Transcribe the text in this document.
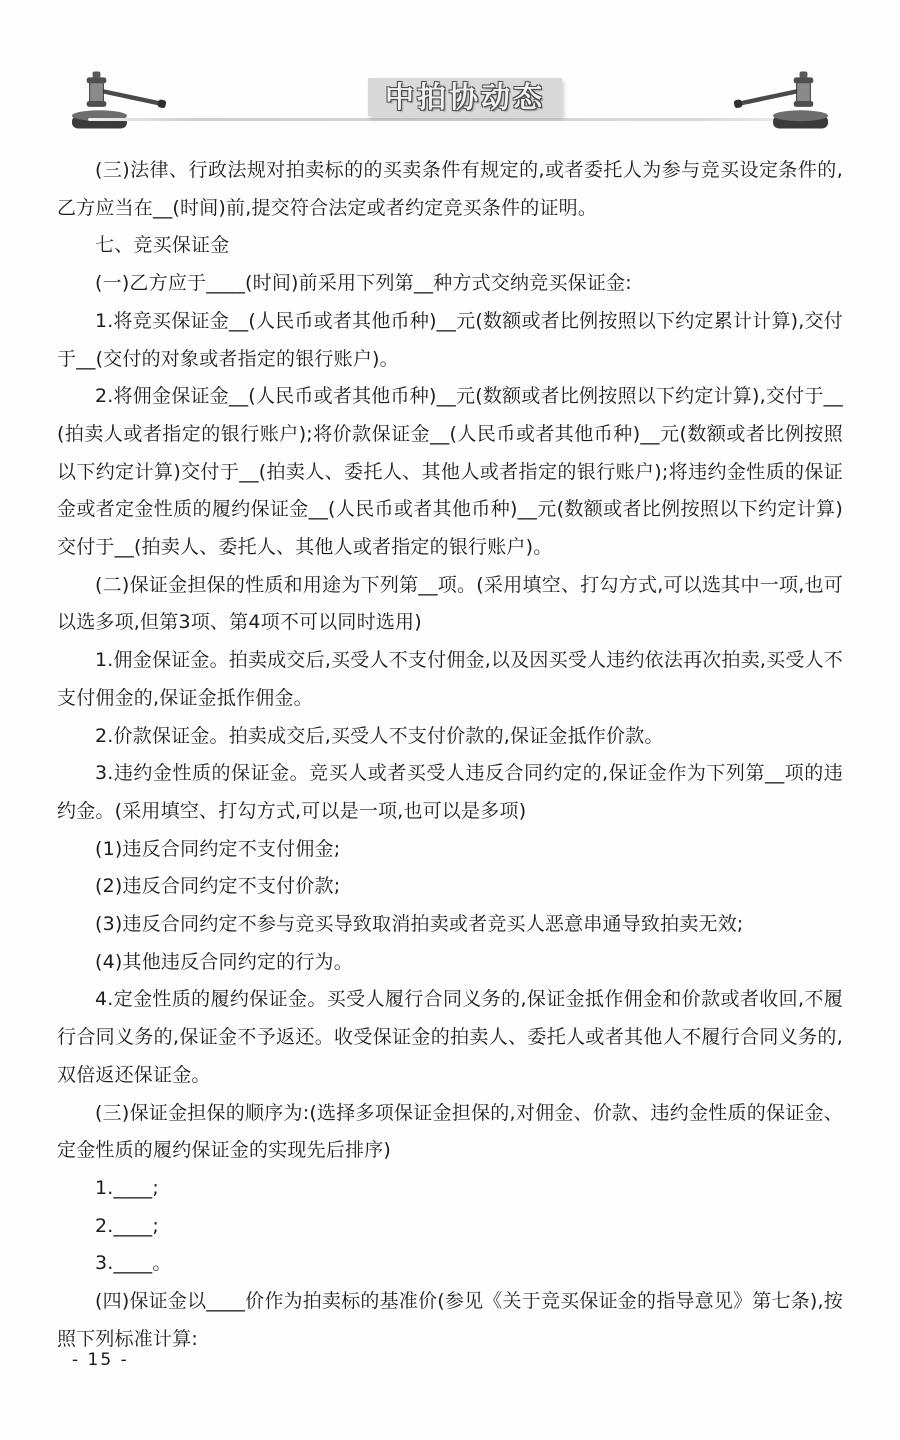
中拍协动态

(三)法律、行政法规对拍卖标的的买卖条件有规定的,或者委托人为参与竞买设定条件的,乙方应当在__(时间)前,提交符合法定或者约定竞买条件的证明。

七、竞买保证金

(一)乙方应于____(时间)前采用下列第__种方式交纳竞买保证金:

1.将竞买保证金__(人民币或者其他币种)__元(数额或者比例按照以下约定累计计算),交付于__(交付的对象或者指定的银行账户)。

2.将佣金保证金__(人民币或者其他币种)__元(数额或者比例按照以下约定计算),交付于__(拍卖人或者指定的银行账户);将价款保证金__(人民币或者其他币种)__元(数额或者比例按照以下约定计算)交付于__(拍卖人、委托人、其他人或者指定的银行账户);将违约金性质的保证金或者定金性质的履约保证金__(人民币或者其他币种)__元(数额或者比例按照以下约定计算)交付于__(拍卖人、委托人、其他人或者指定的银行账户)。

(二)保证金担保的性质和用途为下列第__项。(采用填空、打勾方式,可以选其中一项,也可以选多项,但第3项、第4项不可以同时选用)

1.佣金保证金。拍卖成交后,买受人不支付佣金,以及因买受人违约依法再次拍卖,买受人不支付佣金的,保证金抵作佣金。

2.价款保证金。拍卖成交后,买受人不支付价款的,保证金抵作价款。

3.违约金性质的保证金。竞买人或者买受人违反合同约定的,保证金作为下列第__项的违约金。(采用填空、打勾方式,可以是一项,也可以是多项)

(1)违反合同约定不支付佣金;

(2)违反合同约定不支付价款;

(3)违反合同约定不参与竞买导致取消拍卖或者竞买人恶意串通导致拍卖无效;

(4)其他违反合同约定的行为。

4.定金性质的履约保证金。买受人履行合同义务的,保证金抵作佣金和价款或者收回,不履行合同义务的,保证金不予返还。收受保证金的拍卖人、委托人或者其他人不履行合同义务的,双倍返还保证金。

(三)保证金担保的顺序为:(选择多项保证金担保的,对佣金、价款、违约金性质的保证金、定金性质的履约保证金的实现先后排序)

1.____;

2.____;

3.____。

(四)保证金以____价作为拍卖标的基准价(参见《关于竞买保证金的指导意见》第七条),按照下列标准计算:

- 15 -
